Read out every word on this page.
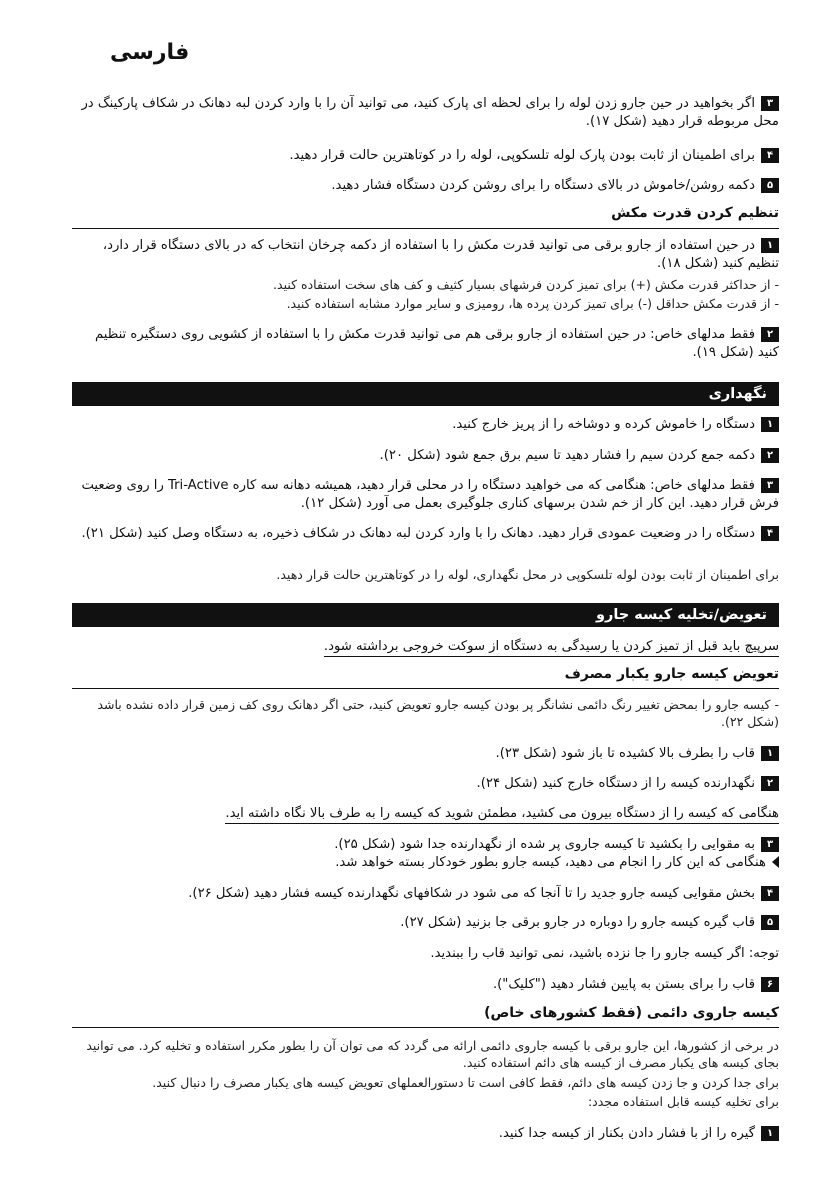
فارسی
۳اگر بخواهید در حین جارو زدن لوله را برای لحظه ای پارک کنید، می توانید آن را با وارد کردن لبه دهانک در شکاف پارکینگ در محل مربوطه قرار دهید (شکل ۱۷).
۴برای اطمینان از ثابت بودن پارک لوله تلسکوپی، لوله را در کوتاهترین حالت قرار دهید.
۵دکمه روشن/خاموش در بالای دستگاه را برای روشن کردن دستگاه فشار دهید.
تنظیم کردن قدرت مکش
۱در حین استفاده از جارو برقی می توانید قدرت مکش را با استفاده از دکمه چرخان انتخاب که در بالای دستگاه قرار دارد، تنظیم کنید (شکل ۱۸).
- از حداکثر قدرت مکش (+) برای تمیز کردن فرشهای بسیار کثیف و کف های سخت استفاده کنید.
- از قدرت مکش حداقل (-) برای تمیز کردن پرده ها، رومیزی و سایر موارد مشابه استفاده کنید.
۲فقط مدلهای خاص: در حین استفاده از جارو برقی هم می توانید قدرت مکش را با استفاده از کشویی روی دستگیره تنظیم کنید (شکل ۱۹).
نگهداری
۱دستگاه را خاموش کرده و دوشاخه را از پریز خارج کنید.
۲دکمه جمع کردن سیم را فشار دهید تا سیم برق جمع شود (شکل ۲۰).
۳فقط مدلهای خاص: هنگامی که می خواهید دستگاه را در محلی قرار دهید، همیشه دهانه سه کاره Tri-Active را روی وضعیت فرش قرار دهید. این کار از خم شدن برسهای کناری جلوگیری بعمل می آورد (شکل ۱۲).
۴دستگاه را در وضعیت عمودی قرار دهید. دهانک را با وارد کردن لبه دهانک در شکاف ذخیره، به دستگاه وصل کنید (شکل ۲۱).
برای اطمینان از ثابت بودن لوله تلسکوپی در محل نگهداری، لوله را در کوتاهترین حالت قرار دهید.
تعویض/تخلیه کیسه جارو
سرپیچ باید قبل از تمیز کردن یا رسیدگی به دستگاه از سوکت خروجی برداشته شود.
تعویض کیسه جارو یکبار مصرف
- کیسه جارو را بمحض تغییر رنگ دائمی نشانگر پر بودن کیسه جارو تعویض کنید، حتی اگر دهانک روی کف زمین قرار داده نشده باشد (شکل ۲۲).
۱قاب را بطرف بالا کشیده تا باز شود (شکل ۲۳).
۲نگهدارنده کیسه را از دستگاه خارج کنید (شکل ۲۴).
هنگامی که کیسه را از دستگاه بیرون می کشید، مطمئن شوید که کیسه را به طرف بالا نگاه داشته اید.
۳به مقوایی را بکشید تا کیسه جاروی پر شده از نگهدارنده جدا شود (شکل ۲۵).
هنگامی که این کار را انجام می دهید، کیسه جارو بطور خودکار بسته خواهد شد.
۴بخش مقوایی کیسه جارو جدید را تا آنجا که می شود در شکافهای نگهدارنده کیسه فشار دهید (شکل ۲۶).
۵قاب گیره کیسه جارو را دوباره در جارو برقی جا بزنید (شکل ۲۷).
توجه: اگر کیسه جارو را جا نزده باشید، نمی توانید قاب را ببندید.
۶قاب را برای بستن به پایین فشار دهید ("کلیک").
کیسه جاروی دائمی (فقط کشورهای خاص)
در برخی از کشورها، این جارو برقی با کیسه جاروی دائمی ارائه می گردد که می توان آن را بطور مکرر استفاده و تخلیه کرد. می توانید بجای کیسه های یکبار مصرف از کیسه های دائم استفاده کنید.
برای جدا کردن و جا زدن کیسه های دائم، فقط کافی است تا دستورالعملهای تعویض کیسه های یکبار مصرف را دنبال کنید.
برای تخلیه کیسه قابل استفاده مجدد:
۱گیره را از با فشار دادن بکنار از کیسه جدا کنید.
